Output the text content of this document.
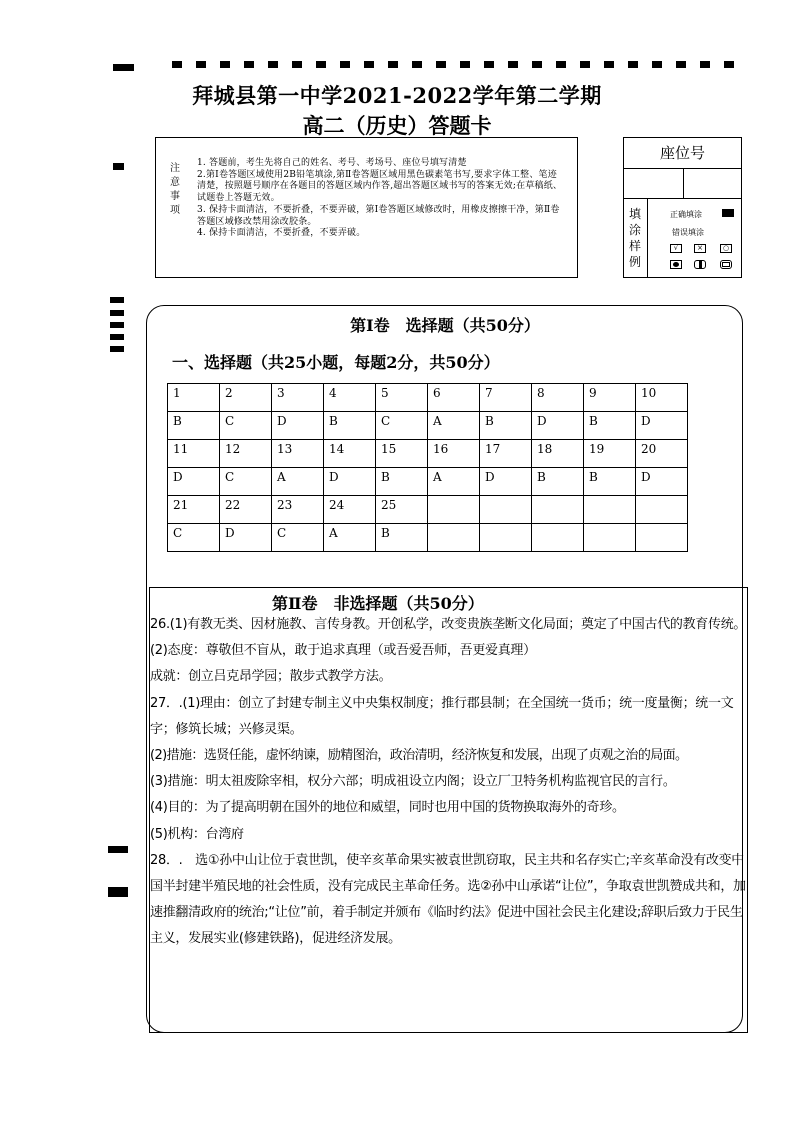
拜城县第一中学2021-2022学年第二学期
高二（历史）答题卡
注意事项
1. 答题前，考生先将自己的姓名、考号、考场号、座位号填写清楚
2.第Ⅰ卷答题区域使用2B铅笔填涂,第Ⅱ卷答题区域用黑色碳素笔书写,要求字体工整、笔迹清楚，按照题号顺序在各题目的答题区域内作答,超出答题区域书写的答案无效;在草稿纸、试题卷上答题无效。
3. 保持卡面清洁，不要折叠，不要弄破，第Ⅰ卷答题区域修改时，用橡皮擦擦干净，第Ⅱ卷答题区域修改禁用涂改胶条。
4. 保持卡面清洁，不要折叠，不要弄破。
座位号
填涂样例
正确填涂
错误填涂
√	×	○
第Ⅰ卷　选择题（共50分）
一、选择题（共25小题，每题2分，共50分）
1	2	3	4	5	6	7	8	9	10
B	C	D	B	C	A	B	D	B	D
11	12	13	14	15	16	17	18	19	20
D	C	A	D	B	A	D	B	B	D
21	22	23	24	25					
C	D	C	A	B					
第Ⅱ卷　非选择题（共50分）

26.(1)有教无类、因材施教、言传身教。开创私学，改变贵族垄断文化局面；奠定了中国古代的教育传统。

(2)态度：尊敬但不盲从，敢于追求真理（或吾爱吾师，吾更爱真理）

成就：创立吕克昂学园；散步式教学方法。

27．.(1)理由：创立了封建专制主义中央集权制度；推行郡县制；在全国统一货币；统一度量衡；统一文字；修筑长城；兴修灵渠。

(2)措施：选贤任能，虚怀纳谏，励精图治，政治清明，经济恢复和发展，出现了贞观之治的局面。

(3)措施：明太祖废除宰相，权分六部；明成祖设立内阁；设立厂卫特务机构监视官民的言行。

(4)目的：为了提高明朝在国外的地位和威望，同时也用中国的货物换取海外的奇珍。

(5)机构：台湾府

28．.　选①孙中山让位于袁世凯，使辛亥革命果实被袁世凯窃取，民主共和名存实亡;辛亥革命没有改变中国半封建半殖民地的社会性质，没有完成民主革命任务。选②孙中山承诺“让位”，争取袁世凯赞成共和，加速推翻清政府的统治;“让位”前，着手制定并颁布《临时约法》促进中国社会民主化建设;辞职后致力于民生主义，发展实业(修建铁路)，促进经济发展。
